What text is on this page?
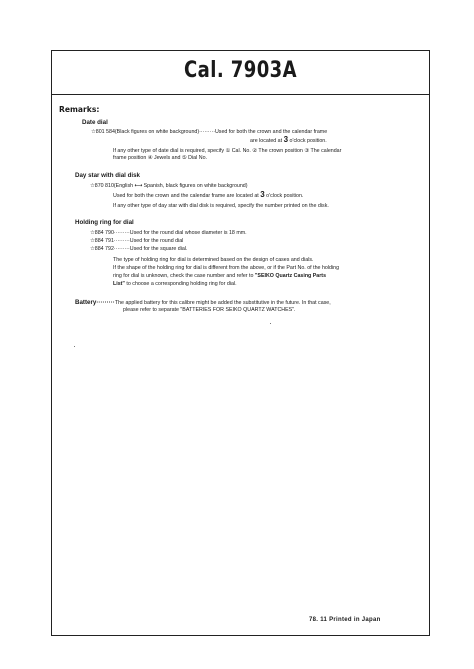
Cal. 7903A
Remarks:
Date dial
☆801 584(Black figures on white background)·········Used for both the crown and the calendar frame
are located at 3 o'clock position.
If any other type of date dial is required, specify ① Cal. No. ② The crown position ③ The calendar
frame position ④ Jewels and ⑤ Dial No.
Day star with dial disk
☆870 810(English ⟷ Spanish, black figures on white background)
Used for both the crown and the calendar frame are located at 3 o'clock position.
If any other type of day star with dial disk is required, specify the number printed on the disk.
Holding ring for dial
☆884 790·········Used for the round dial whose diameter is 18 mm.
☆884 791·········Used for the round dial
☆884 792·········Used for the square dial.
The type of holding ring for dial is determined based on the design of cases and dials.
If the shape of the holding ring for dial is different from the above, or if the Part No. of the holding
ring for dial is unknown, check the case number and refer to "SEIKO Quartz Casing Parts
List" to choose a corresponding holding ring for dial.
Battery·········The applied battery for this calibre might be added the substitutive in the future. In that case,
please refer to separate "BATTERIES FOR SEIKO QUARTZ WATCHES".
78. 11 Printed in Japan
